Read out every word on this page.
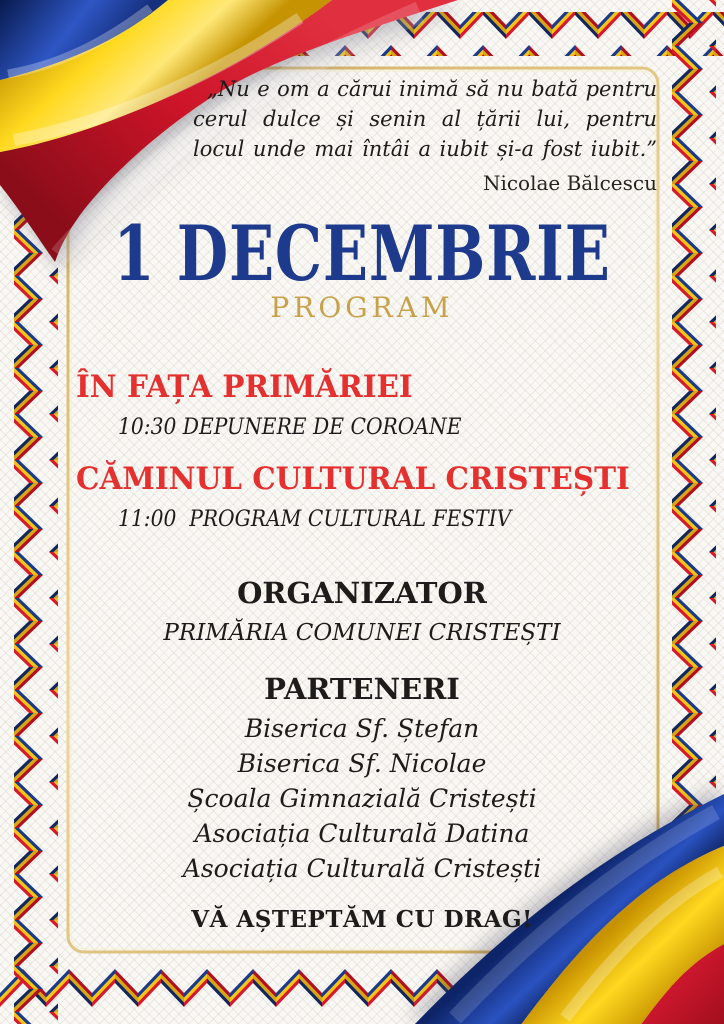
„Nu e om a cărui inimă să nu bată pentru
cerul dulce și senin al țării lui, pentru
locul unde mai întâi a iubit și-a fost iubit.”
Nicolae Bălcescu
1 DECEMBRIE
PROGRAM
ÎN FAȚA PRIMĂRIEI
10:30 DEPUNERE DE COROANE
CĂMINUL CULTURAL CRISTEȘTI
11:00  PROGRAM CULTURAL FESTIV
ORGANIZATOR
PRIMĂRIA COMUNEI CRISTEȘTI
PARTENERI
Biserica Sf. Ștefan
Biserica Sf. Nicolae
Școala Gimnazială Cristești
Asociația Culturală Datina
Asociația Culturală Cristești
VĂ AȘTEPTĂM CU DRAG!
